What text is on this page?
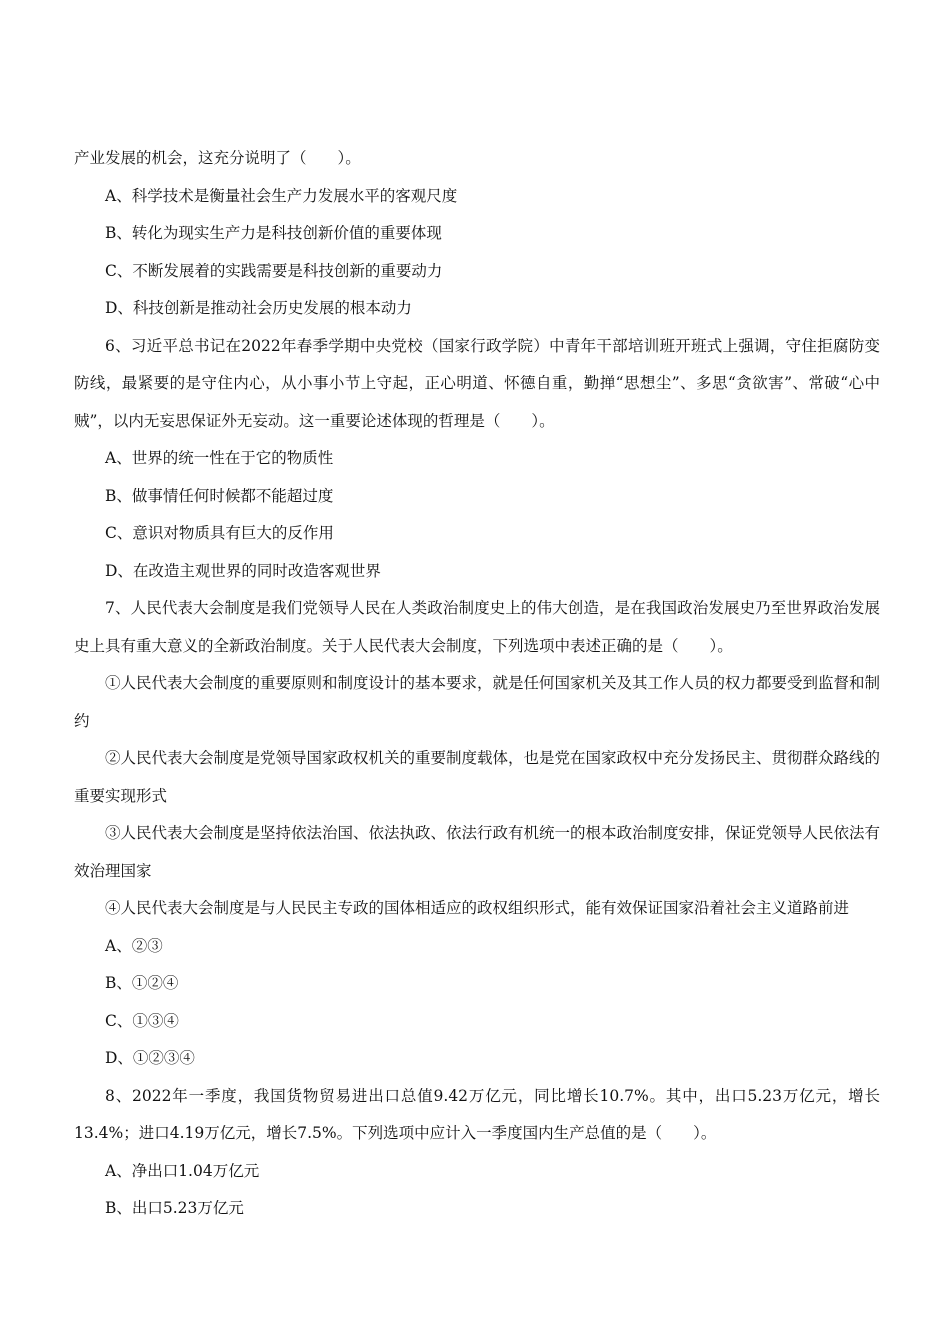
产业发展的机会，这充分说明了（　　）。

A、科学技术是衡量社会生产力发展水平的客观尺度

B、转化为现实生产力是科技创新价值的重要体现

C、不断发展着的实践需要是科技创新的重要动力

D、科技创新是推动社会历史发展的根本动力

6、习近平总书记在2022年春季学期中央党校（国家行政学院）中青年干部培训班开班式上强调，守住拒腐防变防线，最紧要的是守住内心，从小事小节上守起，正心明道、怀德自重，勤掸“思想尘”、多思“贪欲害”、常破“心中贼”，以内无妄思保证外无妄动。这一重要论述体现的哲理是（　　）。

A、世界的统一性在于它的物质性

B、做事情任何时候都不能超过度

C、意识对物质具有巨大的反作用

D、在改造主观世界的同时改造客观世界

7、人民代表大会制度是我们党领导人民在人类政治制度史上的伟大创造，是在我国政治发展史乃至世界政治发展史上具有重大意义的全新政治制度。关于人民代表大会制度，下列选项中表述正确的是（　　）。

①人民代表大会制度的重要原则和制度设计的基本要求，就是任何国家机关及其工作人员的权力都要受到监督和制约

②人民代表大会制度是党领导国家政权机关的重要制度载体，也是党在国家政权中充分发扬民主、贯彻群众路线的重要实现形式

③人民代表大会制度是坚持依法治国、依法执政、依法行政有机统一的根本政治制度安排，保证党领导人民依法有效治理国家

④人民代表大会制度是与人民民主专政的国体相适应的政权组织形式，能有效保证国家沿着社会主义道路前进

A、②③

B、①②④

C、①③④

D、①②③④

8、2022年一季度，我国货物贸易进出口总值9.42万亿元，同比增长10.7%。其中，出口5.23万亿元，增长13.4%；进口4.19万亿元，增长7.5%。下列选项中应计入一季度国内生产总值的是（　　）。

A、净出口1.04万亿元

B、出口5.23万亿元
